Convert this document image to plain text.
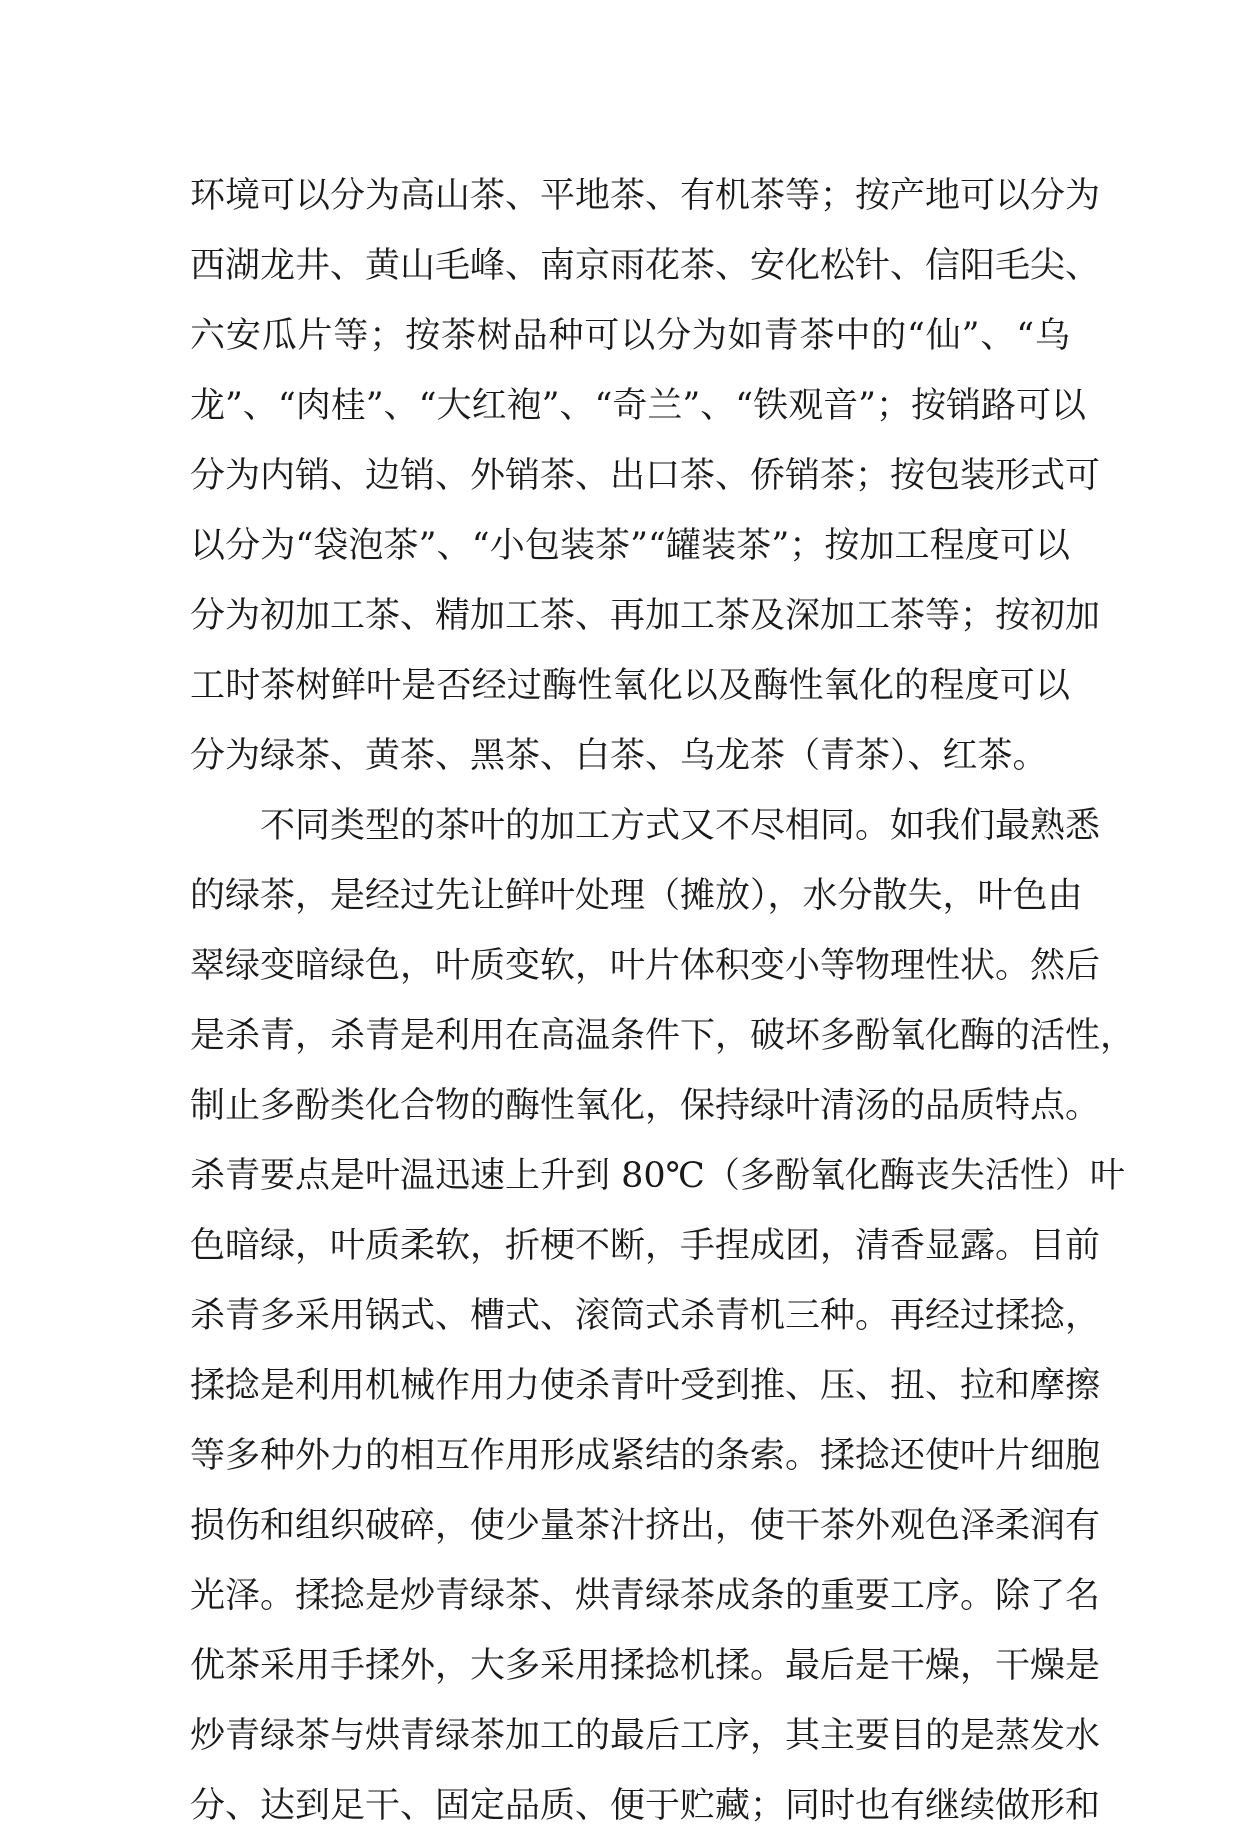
环境可以分为高山茶、平地茶、有机茶等；按产地可以分为
西湖龙井、黄山毛峰、南京雨花茶、安化松针、信阳毛尖、
六安瓜片等；按茶树品种可以分为如青茶中的“仙”、“乌
龙”、“肉桂”、“大红袍”、“奇兰”、“铁观音”；按销路可以
分为内销、边销、外销茶、出口茶、侨销茶；按包装形式可
以分为“袋泡茶”、“小包装茶”“罐装茶”；按加工程度可以
分为初加工茶、精加工茶、再加工茶及深加工茶等；按初加
工时茶树鲜叶是否经过酶性氧化以及酶性氧化的程度可以
分为绿茶、黄茶、黑茶、白茶、乌龙茶（青茶）、红茶。
不同类型的茶叶的加工方式又不尽相同。如我们最熟悉
的绿茶，是经过先让鲜叶处理（摊放），水分散失，叶色由
翠绿变暗绿色，叶质变软，叶片体积变小等物理性状。然后
是杀青，杀青是利用在高温条件下，破坏多酚氧化酶的活性，
制止多酚类化合物的酶性氧化，保持绿叶清汤的品质特点。
杀青要点是叶温迅速上升到 80℃（多酚氧化酶丧失活性）叶
色暗绿，叶质柔软，折梗不断，手捏成团，清香显露。目前
杀青多采用锅式、槽式、滚筒式杀青机三种。再经过揉捻，
揉捻是利用机械作用力使杀青叶受到推、压、扭、拉和摩擦
等多种外力的相互作用形成紧结的条索。揉捻还使叶片细胞
损伤和组织破碎，使少量茶汁挤出，使干茶外观色泽柔润有
光泽。揉捻是炒青绿茶、烘青绿茶成条的重要工序。除了名
优茶采用手揉外，大多采用揉捻机揉。最后是干燥，干燥是
炒青绿茶与烘青绿茶加工的最后工序，其主要目的是蒸发水
分、达到足干、固定品质、便于贮藏；同时也有继续做形和
